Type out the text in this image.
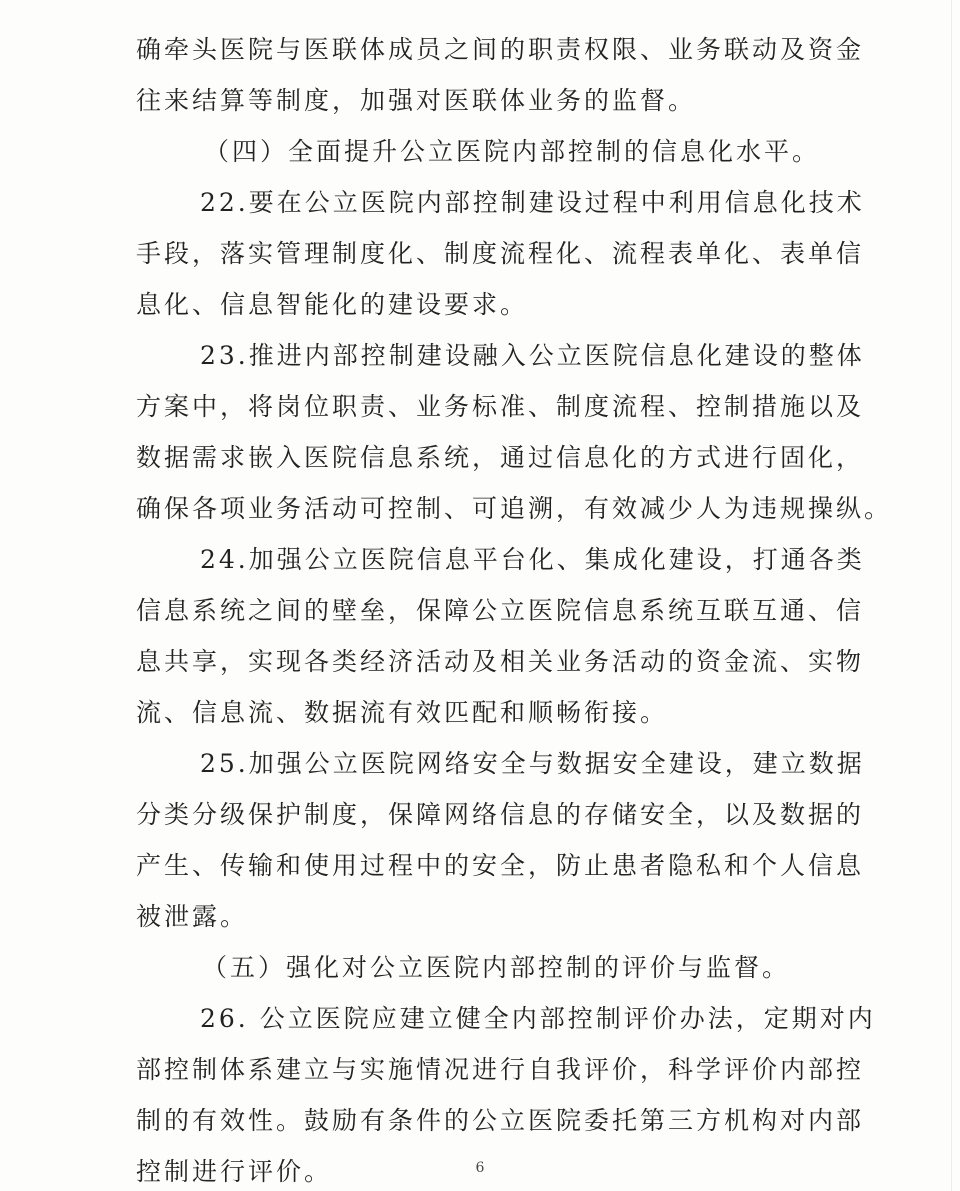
确牵头医院与医联体成员之间的职责权限、业务联动及资金
往来结算等制度，加强对医联体业务的监督。
（四）全面提升公立医院内部控制的信息化水平。
22.要在公立医院内部控制建设过程中利用信息化技术
手段，落实管理制度化、制度流程化、流程表单化、表单信
息化、信息智能化的建设要求。
23.推进内部控制建设融入公立医院信息化建设的整体
方案中，将岗位职责、业务标准、制度流程、控制措施以及
数据需求嵌入医院信息系统，通过信息化的方式进行固化，
确保各项业务活动可控制、可追溯，有效减少人为违规操纵。
24.加强公立医院信息平台化、集成化建设，打通各类
信息系统之间的壁垒，保障公立医院信息系统互联互通、信
息共享，实现各类经济活动及相关业务活动的资金流、实物
流、信息流、数据流有效匹配和顺畅衔接。
25.加强公立医院网络安全与数据安全建设，建立数据
分类分级保护制度，保障网络信息的存储安全，以及数据的
产生、传输和使用过程中的安全，防止患者隐私和个人信息
被泄露。
（五）强化对公立医院内部控制的评价与监督。
26. 公立医院应建立健全内部控制评价办法，定期对内
部控制体系建立与实施情况进行自我评价，科学评价内部控
制的有效性。鼓励有条件的公立医院委托第三方机构对内部
控制进行评价。	6
